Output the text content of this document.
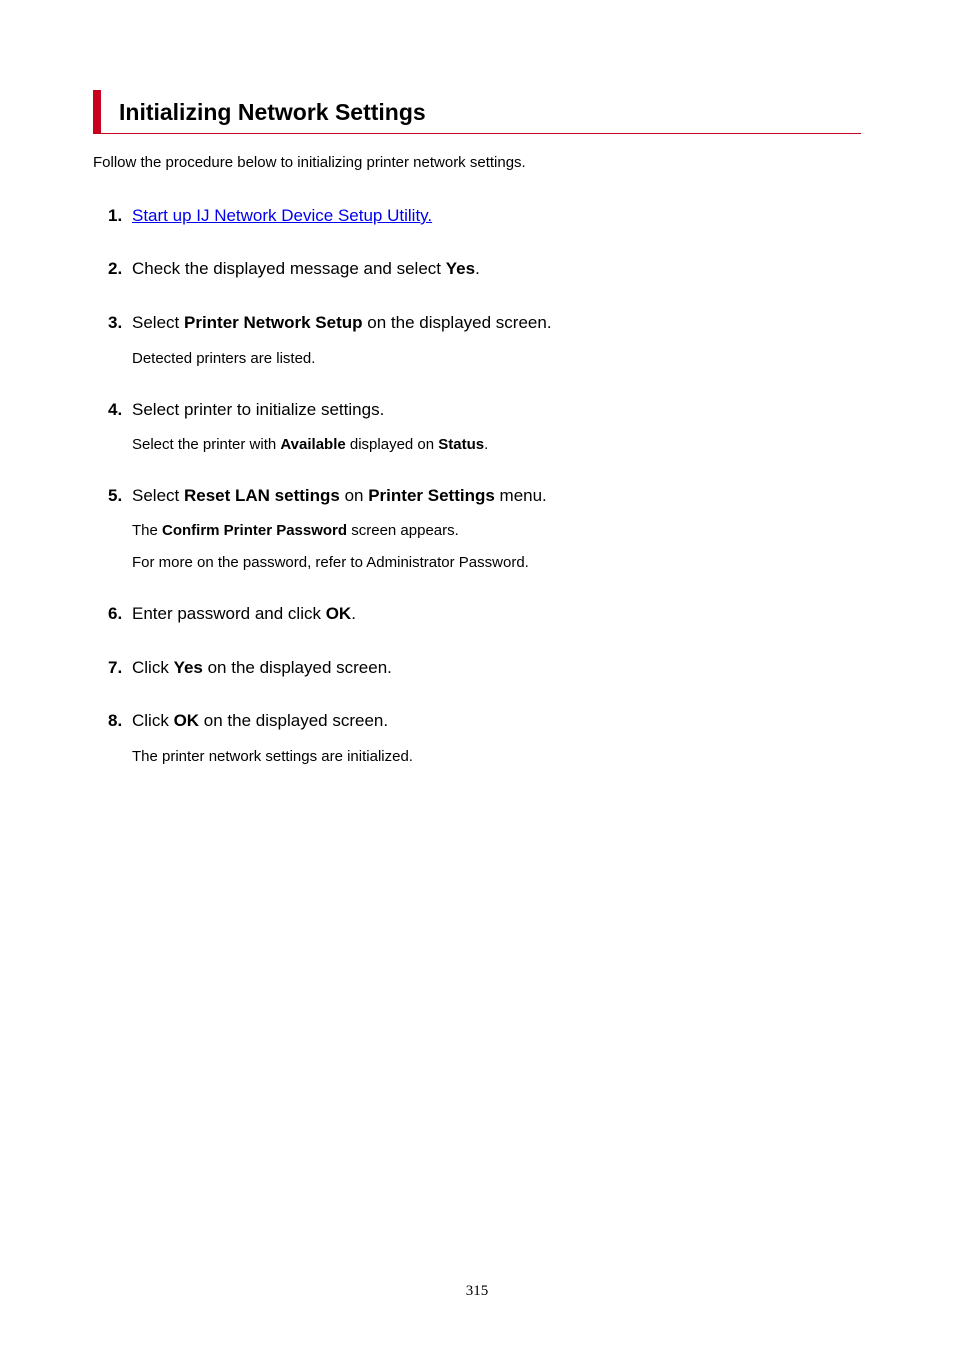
Initializing Network Settings
Follow the procedure below to initializing printer network settings.
1. Start up IJ Network Device Setup Utility.
2. Check the displayed message and select Yes.
3. Select Printer Network Setup on the displayed screen.
Detected printers are listed.
4. Select printer to initialize settings.
Select the printer with Available displayed on Status.
5. Select Reset LAN settings on Printer Settings menu.
The Confirm Printer Password screen appears.
For more on the password, refer to Administrator Password.
6. Enter password and click OK.
7. Click Yes on the displayed screen.
8. Click OK on the displayed screen.
The printer network settings are initialized.
315
